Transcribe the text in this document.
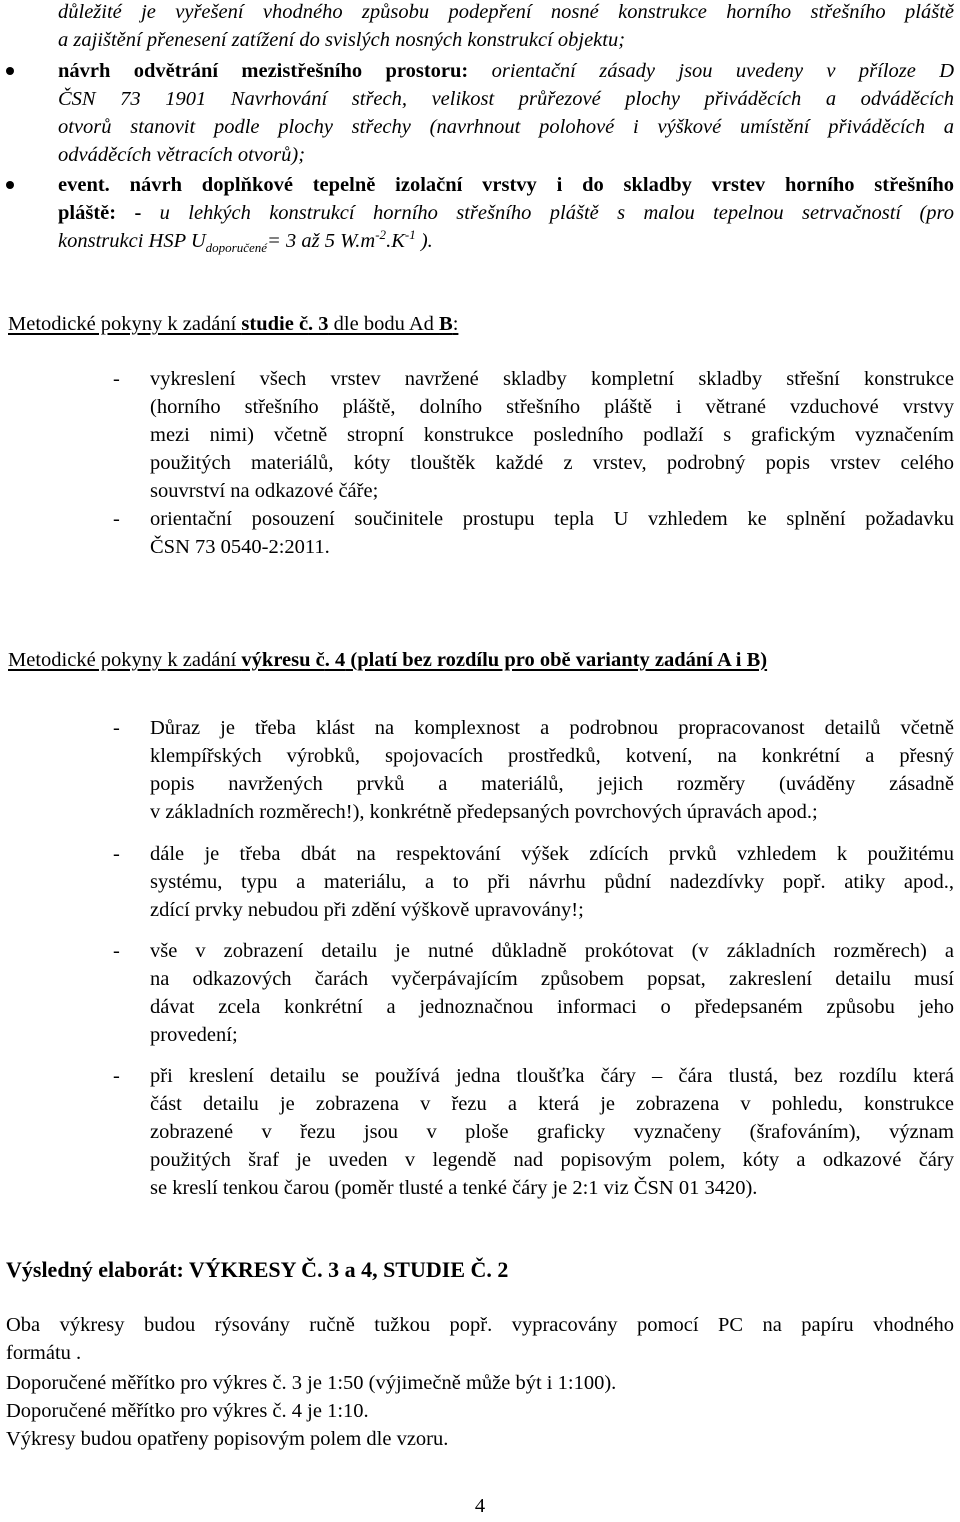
důležité je vyřešení vhodného způsobu podepření nosné konstrukce horního střešního pláště
a zajištění přenesení zatížení do svislých nosných konstrukcí objektu;
návrh odvětrání mezistřešního prostoru: orientační zásady jsou uvedeny v příloze D
ČSN 73 1901 Navrhování střech, velikost průřezové plochy přiváděcích a odváděcích
otvorů stanovit podle plochy střechy (navrhnout polohové i výškové umístění přiváděcích a
odváděcích větracích otvorů);
event. návrh doplňkové tepelně izolační vrstvy i do skladby vrstev horního střešního
pláště: - u lehkých konstrukcí horního střešního pláště s malou tepelnou setrvačností (pro
konstrukci HSP $U_{doporučené}= 3$ až 5 $W.m^{-2}.K^{-1}$ ).
Metodické pokyny k zadání studie č. 3 dle bodu Ad B:
- vykreslení všech vrstev navržené skladby kompletní skladby střešní konstrukce
(horního střešního pláště, dolního střešního pláště i větrané vzduchové vrstvy
mezi nimi) včetně stropní konstrukce posledního podlaží s grafickým vyznačením
použitých materiálů, kóty tlouštěk každé z vrstev, podrobný popis vrstev celého
souvrství na odkazové čáře;
- orientační posouzení součinitele prostupu tepla U vzhledem ke splnění požadavku
ČSN 73 0540-2:2011.
Metodické pokyny k zadání výkresu č. 4 (platí bez rozdílu pro obě varianty zadání A i B)
- Důraz je třeba klást na komplexnost a podrobnou propracovanost detailů včetně
klempířských výrobků, spojovacích prostředků, kotvení, na konkrétní a přesný
popis navržených prvků a materiálů, jejich rozměry (uváděny zásadně
v základních rozměrech!), konkrétně předepsaných povrchových úpravách apod.;
- dále je třeba dbát na respektování výšek zdících prvků vzhledem k použitému
systému, typu a materiálu, a to při návrhu půdní nadezdívky popř. atiky apod.,
zdící prvky nebudou při zdění výškově upravovány!;
- vše v zobrazení detailu je nutné důkladně prokótovat (v základních rozměrech) a
na odkazových čarách vyčerpávajícím způsobem popsat, zakreslení detailu musí
dávat zcela konkrétní a jednoznačnou informaci o předepsaném způsobu jeho
provedení;
- při kreslení detailu se používá jedna tloušťka čáry – čára tlustá, bez rozdílu která
část detailu je zobrazena v řezu a která je zobrazena v pohledu, konstrukce
zobrazené v řezu jsou v ploše graficky vyznačeny (šrafováním), význam
použitých šraf je uveden v legendě nad popisovým polem, kóty a odkazové čáry
se kreslí tenkou čarou (poměr tlusté a tenké čáry je 2:1 viz ČSN 01 3420).
Výsledný elaborát: VÝKRESY Č. 3 a 4, STUDIE Č. 2
Oba výkresy budou rýsovány ručně tužkou popř. vypracovány pomocí PC na papíru vhodného
formátu .
Doporučené měřítko pro výkres č. 3 je 1:50 (výjimečně může být i 1:100).
Doporučené měřítko pro výkres č. 4 je 1:10.
Výkresy budou opatřeny popisovým polem dle vzoru.
4
